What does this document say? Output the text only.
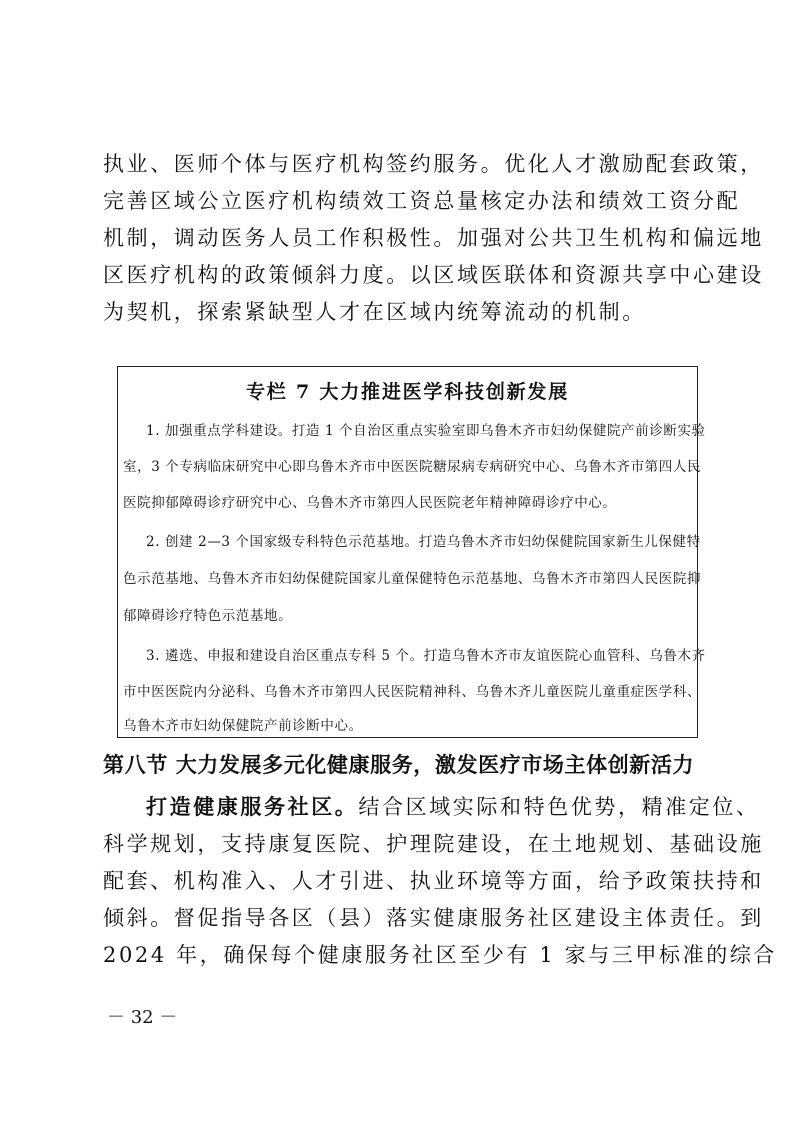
执业、医师个体与医疗机构签约服务。优化人才激励配套政策，
完善区域公立医疗机构绩效工资总量核定办法和绩效工资分配
机制，调动医务人员工作积极性。加强对公共卫生机构和偏远地
区医疗机构的政策倾斜力度。以区域医联体和资源共享中心建设
为契机，探索紧缺型人才在区域内统筹流动的机制。
专栏 7 大力推进医学科技创新发展
1. 加强重点学科建设。打造 1 个自治区重点实验室即乌鲁木齐市妇幼保健院产前诊断实验
室，3 个专病临床研究中心即乌鲁木齐市中医医院糖尿病专病研究中心、乌鲁木齐市第四人民
医院抑郁障碍诊疗研究中心、乌鲁木齐市第四人民医院老年精神障碍诊疗中心。
2. 创建 2—3 个国家级专科特色示范基地。打造乌鲁木齐市妇幼保健院国家新生儿保健特
色示范基地、乌鲁木齐市妇幼保健院国家儿童保健特色示范基地、乌鲁木齐市第四人民医院抑
郁障碍诊疗特色示范基地。
3. 遴选、申报和建设自治区重点专科 5 个。打造乌鲁木齐市友谊医院心血管科、乌鲁木齐
市中医医院内分泌科、乌鲁木齐市第四人民医院精神科、乌鲁木齐儿童医院儿童重症医学科、
乌鲁木齐市妇幼保健院产前诊断中心。
第八节 大力发展多元化健康服务，激发医疗市场主体创新活力
打造健康服务社区。结合区域实际和特色优势，精准定位、
科学规划，支持康复医院、护理院建设，在土地规划、基础设施
配套、机构准入、人才引进、执业环境等方面，给予政策扶持和
倾斜。督促指导各区（县）落实健康服务社区建设主体责任。到
2024 年，确保每个健康服务社区至少有 1 家与三甲标准的综合
－ 32 －
